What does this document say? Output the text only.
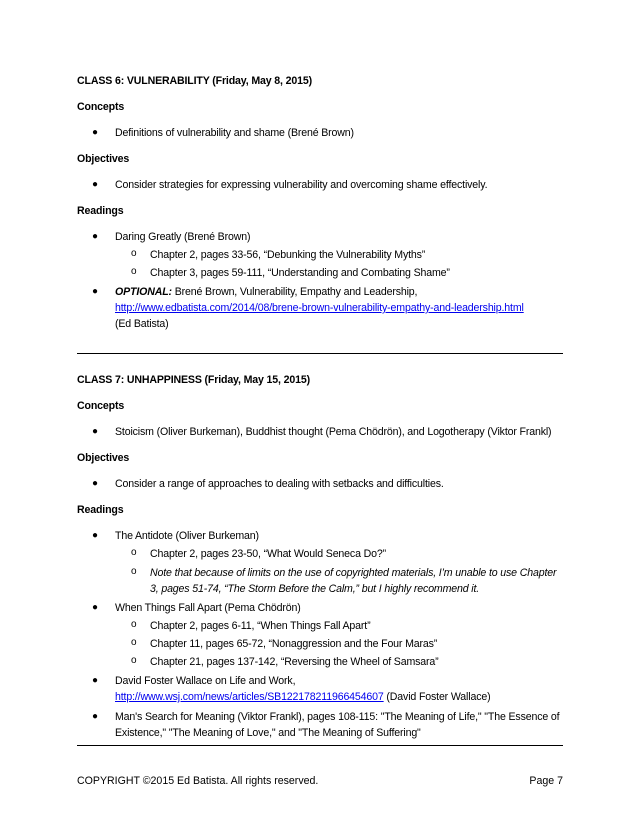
CLASS 6: VULNERABILITY (Friday, May 8, 2015)

Concepts

● Definitions of vulnerability and shame (Brené Brown)

Objectives

● Consider strategies for expressing vulnerability and overcoming shame effectively.

Readings

● Daring Greatly (Brené Brown)

o Chapter 2, pages 33-56, “Debunking the Vulnerability Myths”

o Chapter 3, pages 59-111, “Understanding and Combating Shame”

● OPTIONAL: Brené Brown, Vulnerability, Empathy and Leadership,
http://www.edbatista.com/2014/08/brene-brown-vulnerability-empathy-and-leadership.html
(Ed Batista)

CLASS 7: UNHAPPINESS (Friday, May 15, 2015)

Concepts

● Stoicism (Oliver Burkeman), Buddhist thought (Pema Chödrön), and Logotherapy (Viktor Frankl)

Objectives

● Consider a range of approaches to dealing with setbacks and difficulties.

Readings

● The Antidote (Oliver Burkeman)

o Chapter 2, pages 23-50, “What Would Seneca Do?”

o Note that because of limits on the use of copyrighted materials, I’m unable to use Chapter 3, pages 51-74, “The Storm Before the Calm,” but I highly recommend it.

● When Things Fall Apart (Pema Chödrön)

o Chapter 2, pages 6-11, “When Things Fall Apart”

o Chapter 11, pages 65-72, “Nonaggression and the Four Maras”

o Chapter 21, pages 137-142, “Reversing the Wheel of Samsara”

● David Foster Wallace on Life and Work,
http://www.wsj.com/news/articles/SB122178211966454607 (David Foster Wallace)

● Man's Search for Meaning (Viktor Frankl), pages 108-115: "The Meaning of Life," "The Essence of Existence," "The Meaning of Love," and "The Meaning of Suffering"

COPYRIGHT ©2015 Ed Batista. All rights reserved.	Page 7
